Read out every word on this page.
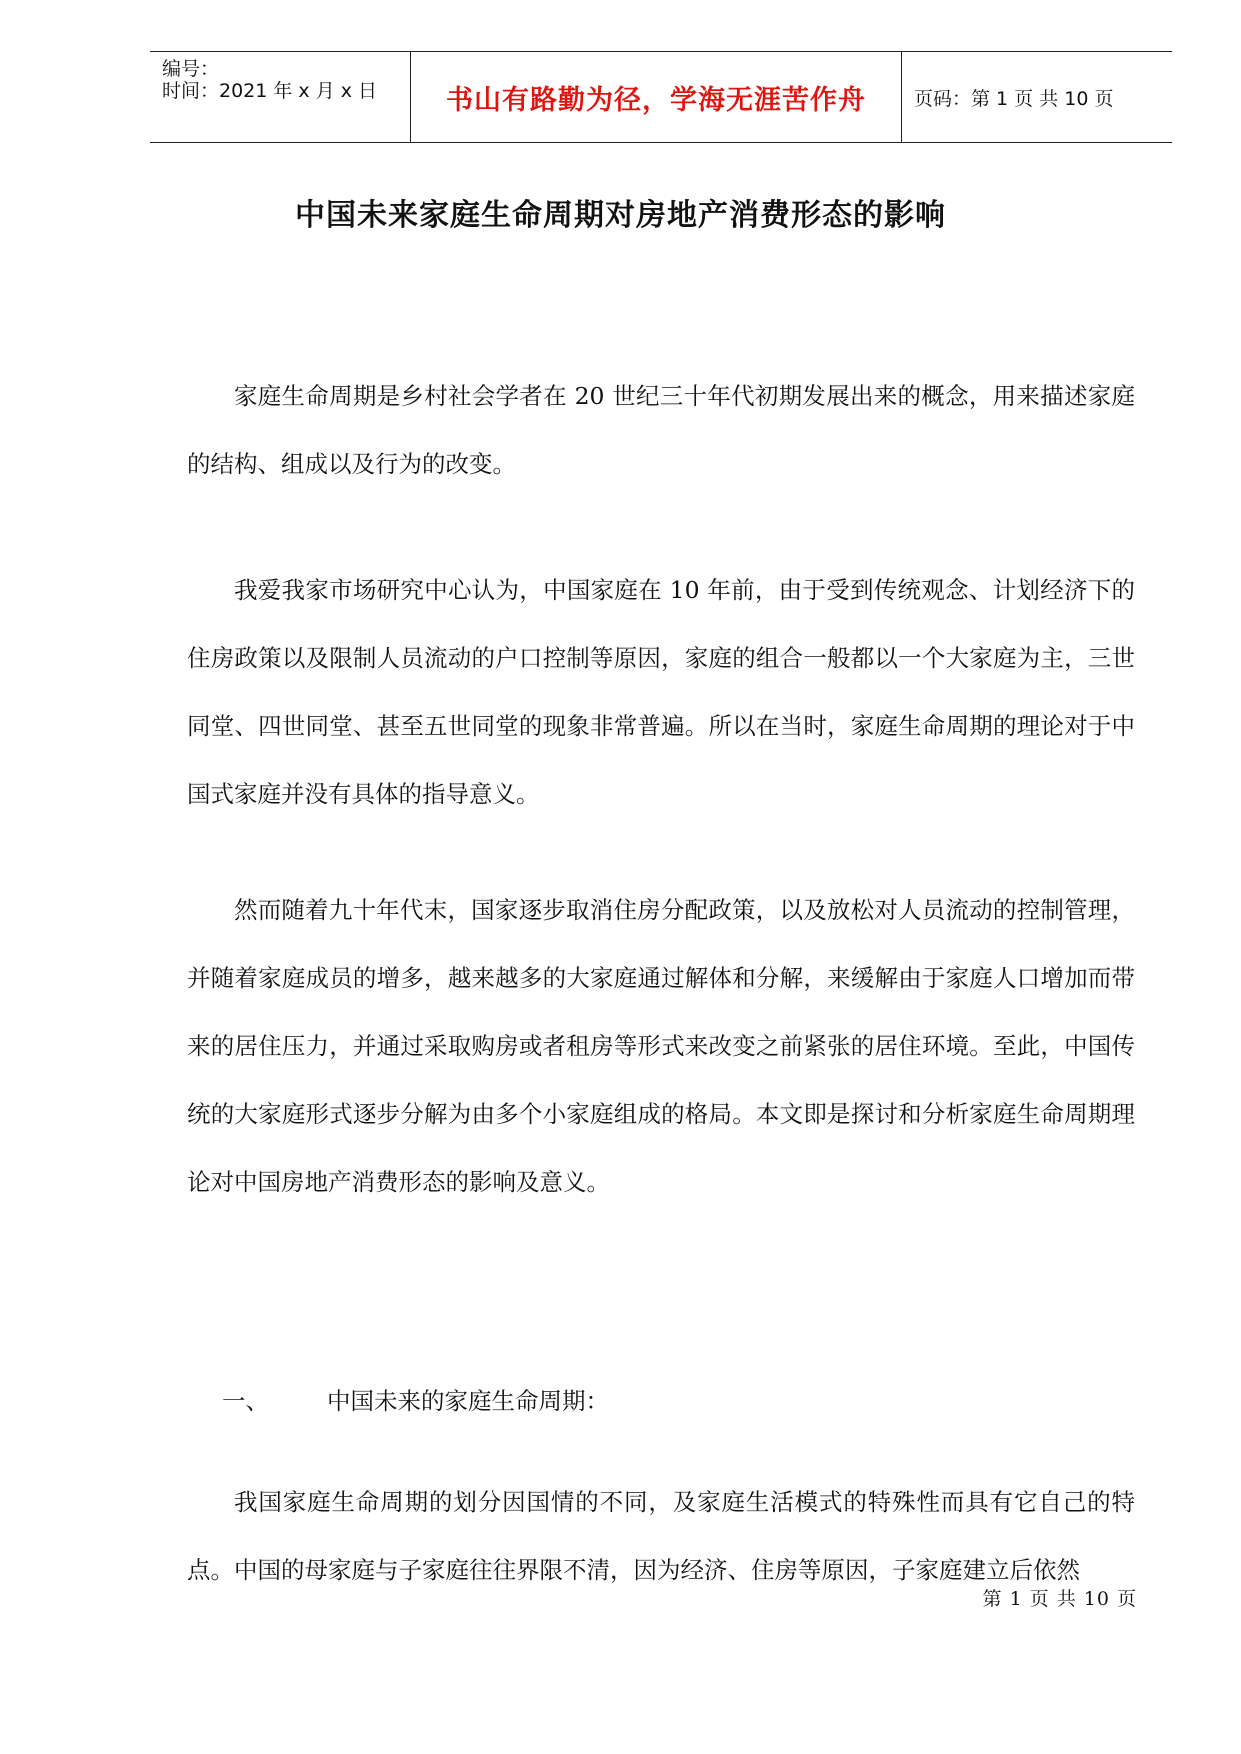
编号：
时间：2021 年 x 月 x 日	书山有路勤为径，学海无涯苦作舟	页码：第 1 页 共 10 页
中国未来家庭生命周期对房地产消费形态的影响

家庭生命周期是乡村社会学者在 20 世纪三十年代初期发展出来的概念，用来描述家庭的结构、组成以及行为的改变。

我爱我家市场研究中心认为，中国家庭在 10 年前，由于受到传统观念、计划经济下的住房政策以及限制人员流动的户口控制等原因，家庭的组合一般都以一个大家庭为主，三世同堂、四世同堂、甚至五世同堂的现象非常普遍。所以在当时，家庭生命周期的理论对于中国式家庭并没有具体的指导意义。

然而随着九十年代末，国家逐步取消住房分配政策，以及放松对人员流动的控制管理，并随着家庭成员的增多，越来越多的大家庭通过解体和分解，来缓解由于家庭人口增加而带来的居住压力，并通过采取购房或者租房等形式来改变之前紧张的居住环境。至此，中国传统的大家庭形式逐步分解为由多个小家庭组成的格局。本文即是探讨和分析家庭生命周期理论对中国房地产消费形态的影响及意义。

一、 中国未来的家庭生命周期：

我国家庭生命周期的划分因国情的不同，及家庭生活模式的特殊性而具有它自己的特点。中国的母家庭与子家庭往往界限不清，因为经济、住房等原因，子家庭建立后依然

第 1 页 共 10 页
